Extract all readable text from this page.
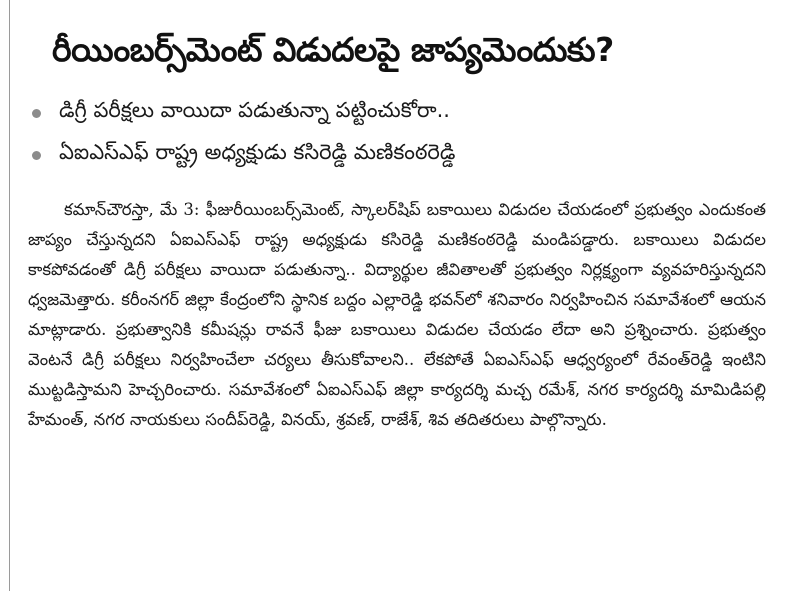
రీయింబర్స్‌మెంట్ విడుదలపై జాప్యమెందుకు?
డిగ్రీ పరీక్షలు వాయిదా పడుతున్నా పట్టించుకోరా..
ఏఐఎస్ఎఫ్ రాష్ట్ర అధ్యక్షుడు కసిరెడ్డి మణికంఠరెడ్డి

కమాన్‌చౌరస్తా, మే 3: ఫీజురీయింబర్స్‌మెంట్, స్కాలర్‌షిప్ బకాయిలు విడుదల చేయడంలో ప్రభుత్వం ఎందుకంత జాప్యం చేస్తున్నదని ఏఐఎస్ఎఫ్ రాష్ట్ర అధ్యక్షుడు కసిరెడ్డి మణికంఠరెడ్డి మండిపడ్డారు. బకాయిలు విడుదల కాకపోవడంతో డిగ్రీ పరీక్షలు వాయిదా పడుతున్నా.. విద్యార్థుల జీవితాలతో ప్రభుత్వం నిర్లక్ష్యంగా వ్యవహరిస్తున్నదని ధ్వజమెత్తారు. కరీంనగర్ జిల్లా కేంద్రంలోని స్థానిక బద్దం ఎల్లారెడ్డి భవన్‌లో శనివారం నిర్వహించిన సమావేశంలో ఆయన మాట్లాడారు. ప్రభుత్వానికి కమీషన్లు రావనే ఫీజు బకాయిలు విడుదల చేయడం లేదా అని ప్రశ్నించారు. ప్రభుత్వం వెంటనే డిగ్రీ పరీక్షలు నిర్వహించేలా చర్యలు తీసుకోవాలని.. లేకపోతే ఏఐఎస్ఎఫ్ ఆధ్వర్యంలో రేవంత్‌రెడ్డి ఇంటిని ముట్టడిస్తామని హెచ్చరించారు. సమావేశంలో ఏఐఎస్ఎఫ్ జిల్లా కార్యదర్శి మచ్చ రమేశ్, నగర కార్యదర్శి మామిడిపల్లి హేమంత్, నగర నాయకులు సందీప్‌రెడ్డి, వినయ్, శ్రవణ్, రాజేశ్, శివ తదితరులు పాల్గొన్నారు.
